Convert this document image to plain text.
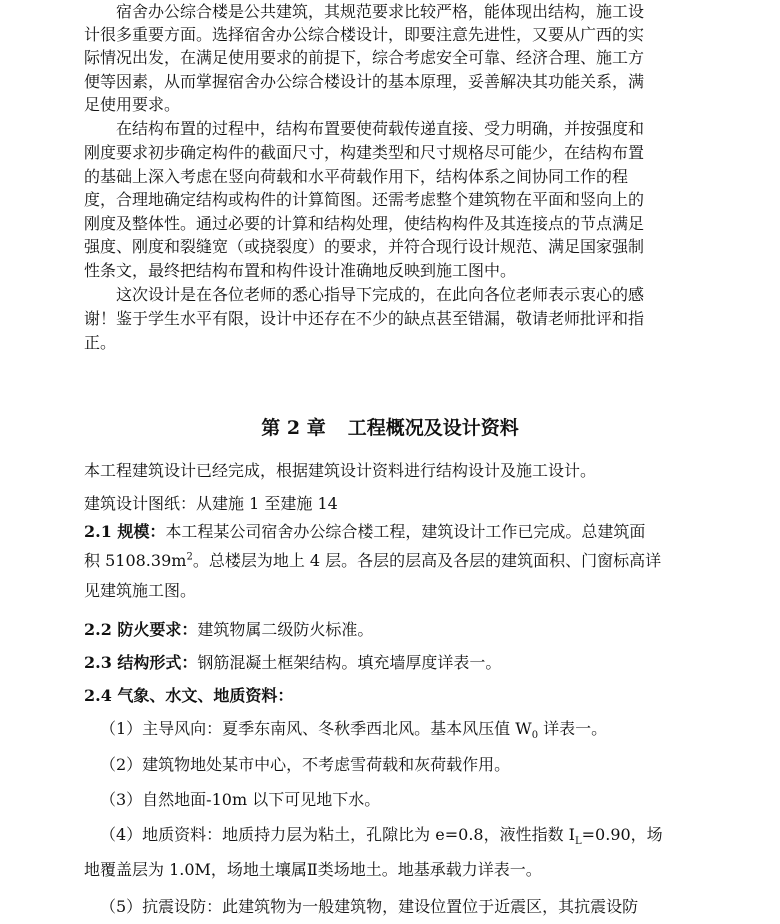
宿舍办公综合楼是公共建筑，其规范要求比较严格，能体现出结构，施工设
计很多重要方面。选择宿舍办公综合楼设计，即要注意先进性，又要从广西的实
际情况出发，在满足使用要求的前提下，综合考虑安全可靠、经济合理、施工方
便等因素，从而掌握宿舍办公综合楼设计的基本原理，妥善解决其功能关系，满
足使用要求。
在结构布置的过程中，结构布置要使荷载传递直接、受力明确，并按强度和
刚度要求初步确定构件的截面尺寸，构建类型和尺寸规格尽可能少，在结构布置
的基础上深入考虑在竖向荷载和水平荷载作用下，结构体系之间协同工作的程
度，合理地确定结构或构件的计算简图。还需考虑整个建筑物在平面和竖向上的
刚度及整体性。通过必要的计算和结构处理，使结构构件及其连接点的节点满足
强度、刚度和裂缝宽（或挠裂度）的要求，并符合现行设计规范、满足国家强制
性条文，最终把结构布置和构件设计准确地反映到施工图中。
这次设计是在各位老师的悉心指导下完成的，在此向各位老师表示衷心的感
谢！鉴于学生水平有限，设计中还存在不少的缺点甚至错漏，敬请老师批评和指
正。
第 2 章 工程概况及设计资料
本工程建筑设计已经完成，根据建筑设计资料进行结构设计及施工设计。
建筑设计图纸：从建施 1 至建施 14
2.1 规模：本工程某公司宿舍办公综合楼工程，建筑设计工作已完成。总建筑面
积 $5108.39m^2$。总楼层为地上 4 层。各层的层高及各层的建筑面积、门窗标高详
见建筑施工图。
2.2 防火要求：建筑物属二级防火标准。
2.3 结构形式：钢筋混凝土框架结构。填充墙厚度详表一。
2.4 气象、水文、地质资料：
（1）主导风向：夏季东南风、冬秋季西北风。基本风压值 $W_0$ 详表一。
（2）建筑物地处某市中心，不考虑雪荷载和灰荷载作用。
（3）自然地面-10m 以下可见地下水。
（4）地质资料：地质持力层为粘土，孔隙比为 e=0.8，液性指数 $I_L=0.90$，场
地覆盖层为 1.0M，场地土壤属Ⅱ类场地土。地基承载力详表一。
（5）抗震设防：此建筑物为一般建筑物，建设位置位于近震区，其抗震设防
